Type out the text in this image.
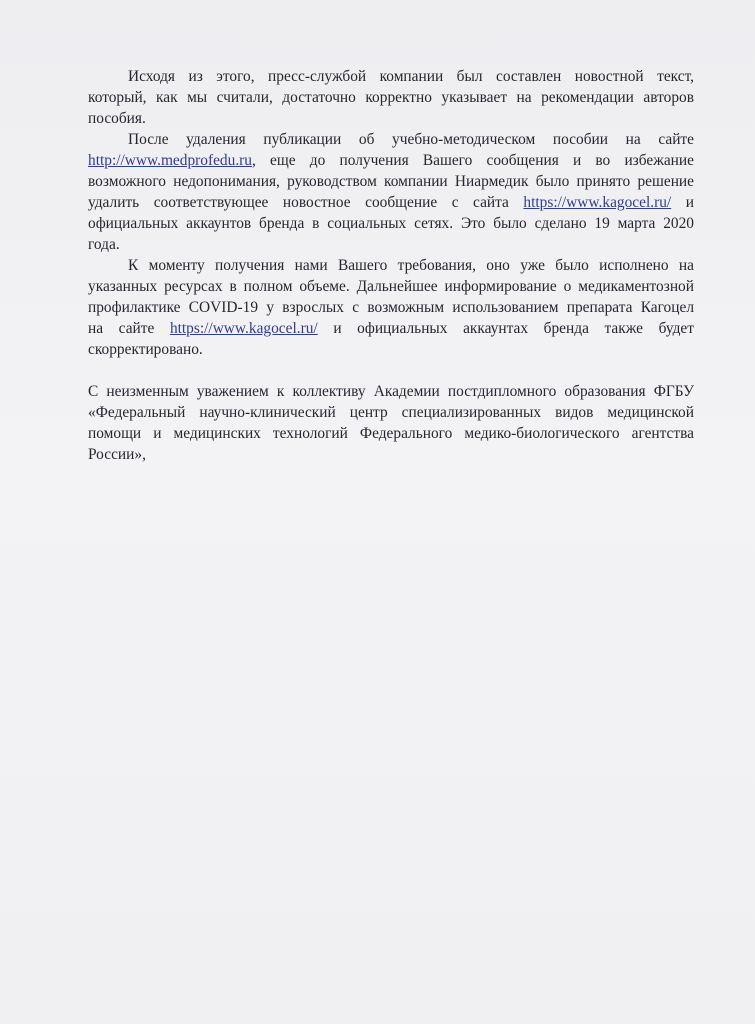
Исходя из этого, пресс-службой компании был составлен новостной текст,
который, как мы считали, достаточно корректно указывает на рекомендации авторов
пособия.
После удаления публикации об учебно-методическом пособии на сайте
http://www.medprofedu.ru, еще до получения Вашего сообщения и во избежание
возможного недопонимания, руководством компании Ниармедик было принято решение
удалить соответствующее новостное сообщение с сайта https://www.kagocel.ru/ и
официальных аккаунтов бренда в социальных сетях. Это было сделано 19 марта 2020
года.
К моменту получения нами Вашего требования, оно уже было исполнено на
указанных ресурсах в полном объеме. Дальнейшее информирование о медикаментозной
профилактике COVID-19 у взрослых с возможным использованием препарата Кагоцел
на сайте https://www.kagocel.ru/ и официальных аккаунтах бренда также будет
скорректировано.
С неизменным уважением к коллективу Академии постдипломного образования ФГБУ
«Федеральный научно-клинический центр специализированных видов медицинской
помощи и медицинских технологий Федерального медико-биологического агентства
России»,
